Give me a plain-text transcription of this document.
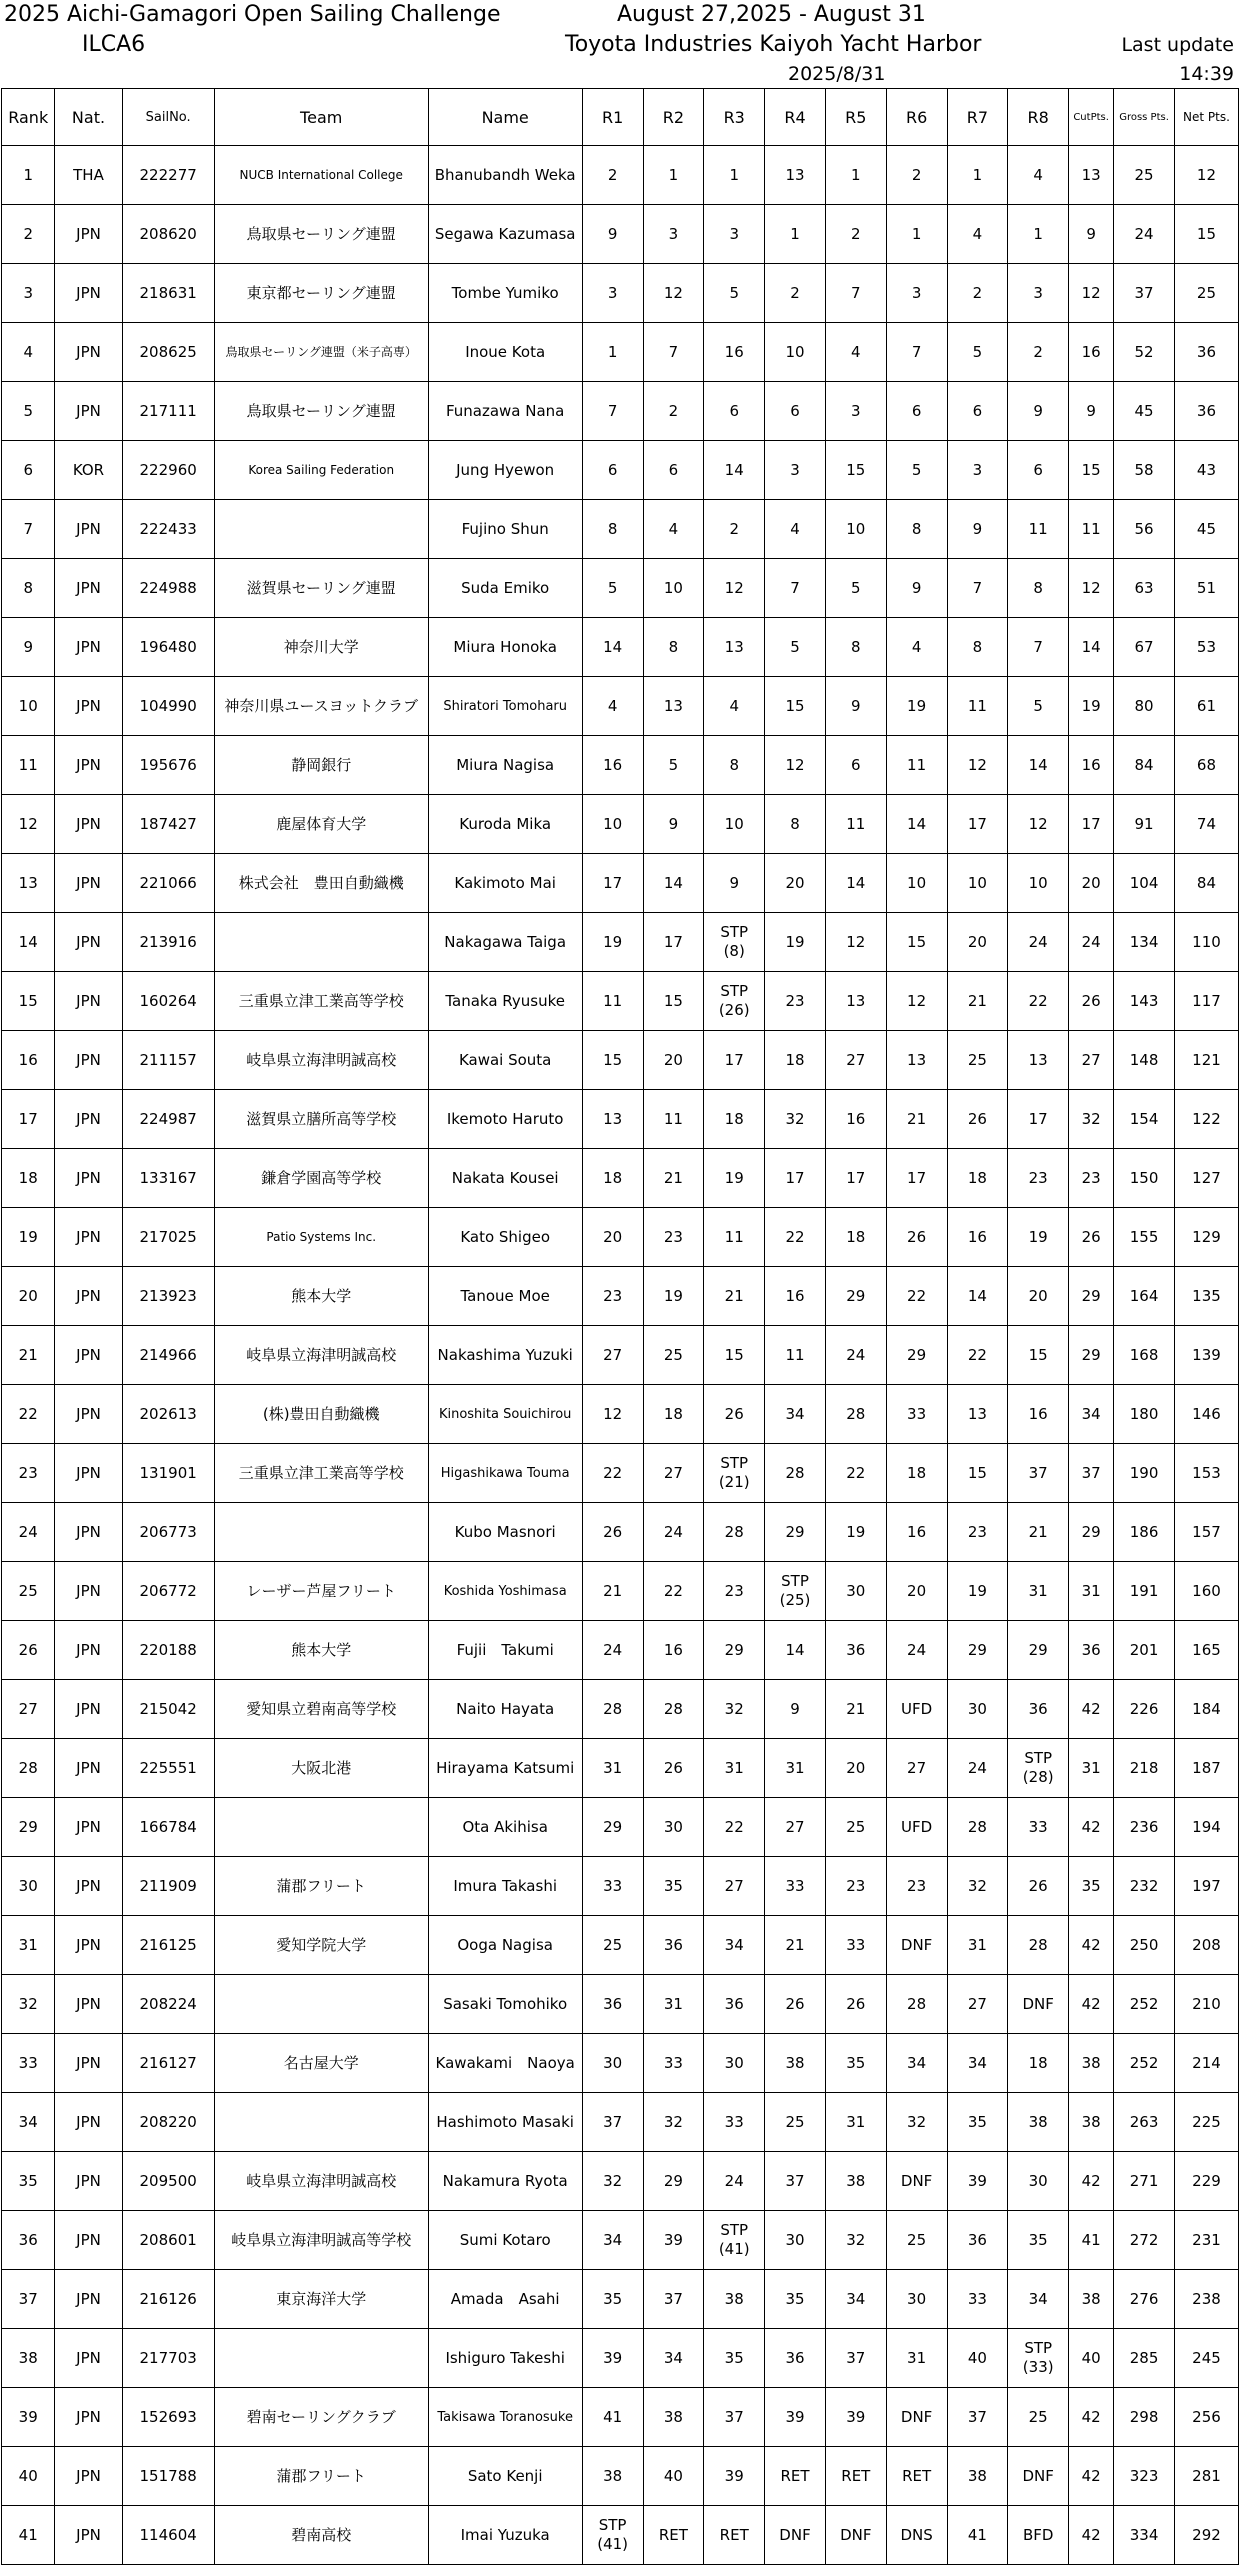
2025 Aichi-Gamagori Open Sailing Challenge
ILCA6
August 27,2025 - August 31
Toyota Industries Kaiyoh Yacht Harbor
2025/8/31
Last update
14:39
Rank	Nat.	SailNo.	Team	Name	R1	R2	R3	R4	R5	R6	R7	R8	CutPts.	Gross Pts.	Net Pts.
1	THA	222277	NUCB International College	Bhanubandh Weka	2	1	1	13	1	2	1	4	13	25	12
2	JPN	208620	鳥取県セーリング連盟	Segawa Kazumasa	9	3	3	1	2	1	4	1	9	24	15
3	JPN	218631	東京都セーリング連盟	Tombe Yumiko	3	12	5	2	7	3	2	3	12	37	25
4	JPN	208625	鳥取県セーリング連盟（米子高専）	Inoue Kota	1	7	16	10	4	7	5	2	16	52	36
5	JPN	217111	鳥取県セーリング連盟	Funazawa Nana	7	2	6	6	3	6	6	9	9	45	36
6	KOR	222960	Korea Sailing Federation	Jung Hyewon	6	6	14	3	15	5	3	6	15	58	43
7	JPN	222433		Fujino Shun	8	4	2	4	10	8	9	11	11	56	45
8	JPN	224988	滋賀県セーリング連盟	Suda Emiko	5	10	12	7	5	9	7	8	12	63	51
9	JPN	196480	神奈川大学	Miura Honoka	14	8	13	5	8	4	8	7	14	67	53
10	JPN	104990	神奈川県ユースヨットクラブ	Shiratori Tomoharu	4	13	4	15	9	19	11	5	19	80	61
11	JPN	195676	静岡銀行	Miura Nagisa	16	5	8	12	6	11	12	14	16	84	68
12	JPN	187427	鹿屋体育大学	Kuroda Mika	10	9	10	8	11	14	17	12	17	91	74
13	JPN	221066	株式会社　豊田自動織機	Kakimoto Mai	17	14	9	20	14	10	10	10	20	104	84
14	JPN	213916		Nakagawa Taiga	19	17	STP
(8)	19	12	15	20	24	24	134	110
15	JPN	160264	三重県立津工業高等学校	Tanaka Ryusuke	11	15	STP
(26)	23	13	12	21	22	26	143	117
16	JPN	211157	岐阜県立海津明誠高校	Kawai Souta	15	20	17	18	27	13	25	13	27	148	121
17	JPN	224987	滋賀県立膳所高等学校	Ikemoto Haruto	13	11	18	32	16	21	26	17	32	154	122
18	JPN	133167	鎌倉学園高等学校	Nakata Kousei	18	21	19	17	17	17	18	23	23	150	127
19	JPN	217025	Patio Systems Inc.	Kato Shigeo	20	23	11	22	18	26	16	19	26	155	129
20	JPN	213923	熊本大学	Tanoue Moe	23	19	21	16	29	22	14	20	29	164	135
21	JPN	214966	岐阜県立海津明誠高校	Nakashima Yuzuki	27	25	15	11	24	29	22	15	29	168	139
22	JPN	202613	(株)豊田自動織機	Kinoshita Souichirou	12	18	26	34	28	33	13	16	34	180	146
23	JPN	131901	三重県立津工業高等学校	Higashikawa Touma	22	27	STP
(21)	28	22	18	15	37	37	190	153
24	JPN	206773		Kubo Masnori	26	24	28	29	19	16	23	21	29	186	157
25	JPN	206772	レーザー芦屋フリート	Koshida Yoshimasa	21	22	23	STP
(25)	30	20	19	31	31	191	160
26	JPN	220188	熊本大学	Fujii　Takumi	24	16	29	14	36	24	29	29	36	201	165
27	JPN	215042	愛知県立碧南高等学校	Naito Hayata	28	28	32	9	21	UFD	30	36	42	226	184
28	JPN	225551	大阪北港	Hirayama Katsumi	31	26	31	31	20	27	24	STP
(28)	31	218	187
29	JPN	166784		Ota Akihisa	29	30	22	27	25	UFD	28	33	42	236	194
30	JPN	211909	蒲郡フリート	Imura Takashi	33	35	27	33	23	23	32	26	35	232	197
31	JPN	216125	愛知学院大学	Ooga Nagisa	25	36	34	21	33	DNF	31	28	42	250	208
32	JPN	208224		Sasaki Tomohiko	36	31	36	26	26	28	27	DNF	42	252	210
33	JPN	216127	名古屋大学	Kawakami　Naoya	30	33	30	38	35	34	34	18	38	252	214
34	JPN	208220		Hashimoto Masaki	37	32	33	25	31	32	35	38	38	263	225
35	JPN	209500	岐阜県立海津明誠高校	Nakamura Ryota	32	29	24	37	38	DNF	39	30	42	271	229
36	JPN	208601	岐阜県立海津明誠高等学校	Sumi Kotaro	34	39	STP
(41)	30	32	25	36	35	41	272	231
37	JPN	216126	東京海洋大学	Amada　Asahi	35	37	38	35	34	30	33	34	38	276	238
38	JPN	217703		Ishiguro Takeshi	39	34	35	36	37	31	40	STP
(33)	40	285	245
39	JPN	152693	碧南セーリングクラブ	Takisawa Toranosuke	41	38	37	39	39	DNF	37	25	42	298	256
40	JPN	151788	蒲郡フリート	Sato Kenji	38	40	39	RET	RET	RET	38	DNF	42	323	281
41	JPN	114604	碧南高校	Imai Yuzuka	STP
(41)	RET	RET	DNF	DNF	DNS	41	BFD	42	334	292
